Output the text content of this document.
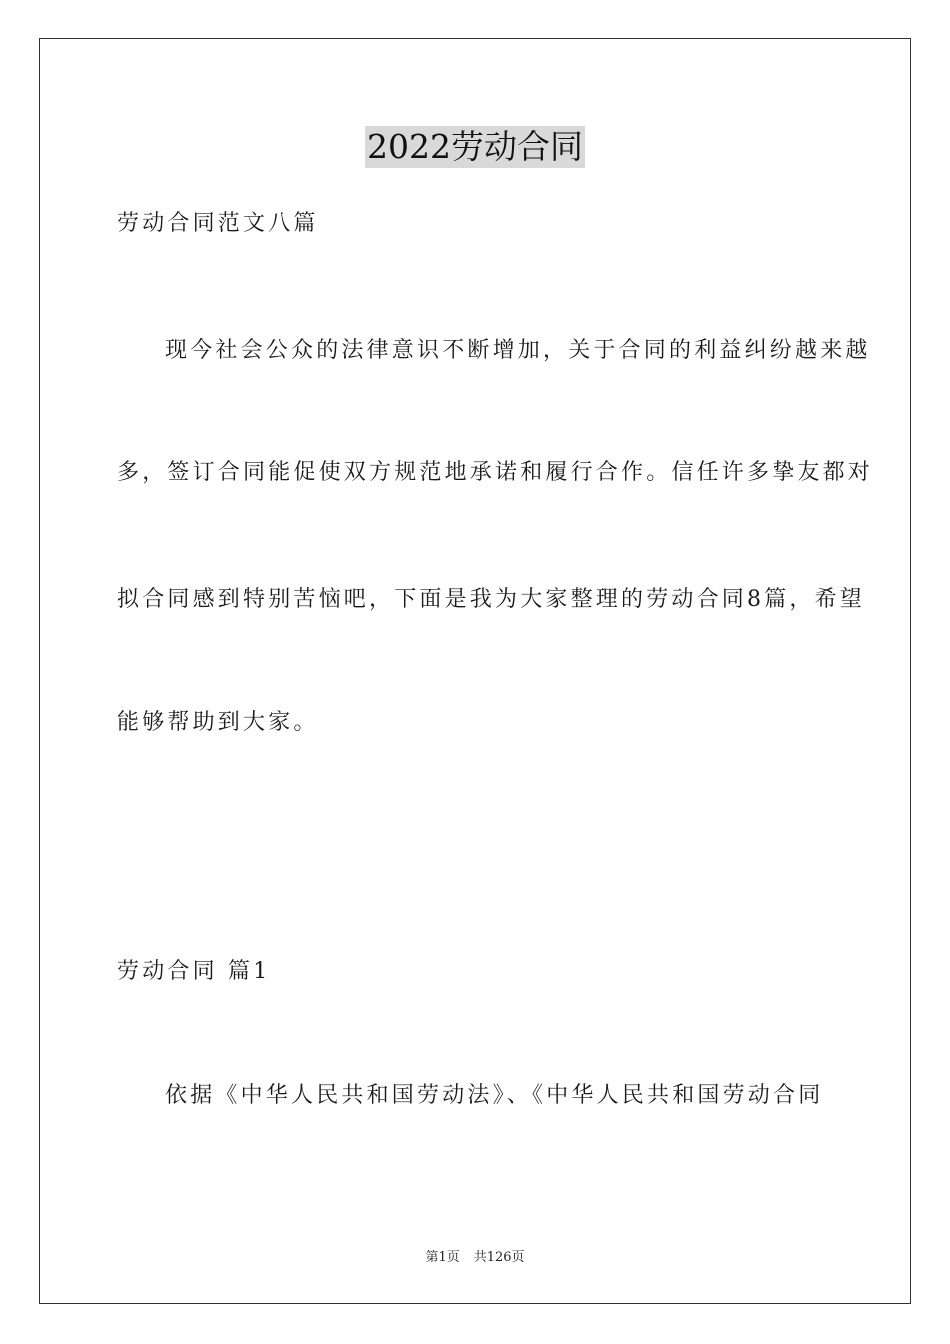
2022劳动合同
劳动合同范文八篇
现今社会公众的法律意识不断增加，关于合同的利益纠纷越来越
多，签订合同能促使双方规范地承诺和履行合作。信任许多挚友都对
拟合同感到特别苦恼吧，下面是我为大家整理的劳动合同8篇，希望
能够帮助到大家。
劳动合同 篇1
依据《中华人民共和国劳动法》、《中华人民共和国劳动合同
第1页 共126页
